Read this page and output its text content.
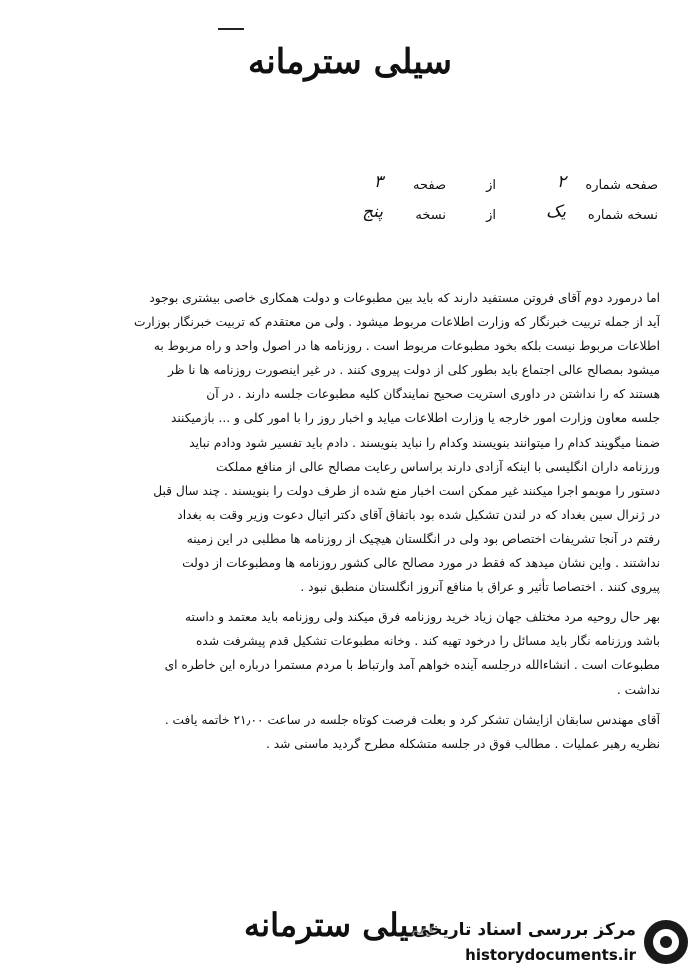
سیلی سترمانه
صفحه شماره
۲
از
صفحه
۳
نسخه شماره
یک
از
نسخه
پنج
اما درمورد دوم آقای فروتن مستفید دارند که باید بین مطبوعات و دولت همکاری خاصی بیشتری بوجود
آید از جمله تربیت خبرنگار که وزارت اطلاعات مربوط میشود . ولی من معتقدم که تربیت خبرنگار بوزارت
اطلاعات مربوط نیست بلکه بخود مطبوعات مربوط است . روزنامه ها در اصول واحد و راه مربوط به
میشود بمصالح عالی اجتماع باید بطور کلی از دولت پیروی کنند . در غیر اینصورت روزنامه ها نا ظر
هستند که را نداشتن در داوری استریت صحیح نمایندگان کلیه مطبوعات جلسه دارند . در آن
جلسه معاون وزارت امور خارجه یا وزارت اطلاعات میاید و اخبار روز را با امور کلی و ... بازمیکنند
ضمنا میگویند کدام را میتوانند بنویسند وکدام را نباید بنویسند . دادم باید تفسیر شود ودادم نباید
ورزنامه داران انگلیسی با اینکه آزادی دارند براساس رعایت مصالح عالی از منافع مملکت
دستور را موبمو اجرا میکنند غیر ممکن است اخبار منع شده از طرف دولت را بنویسند . چند سال قبل
در ژنرال سین بغداد که در لندن تشکیل شده بود باتفاق آقای دکتر اتیال دعوت وزیر وقت به بغداد
رفتم در آنجا تشریفات اختصاص بود ولی در انگلستان هیچیک از روزنامه ها مطلبی در این زمینه
نداشتند . واین نشان میدهد که فقط در مورد مصالح عالی کشور روزنامه ها ومطبوعات از دولت
پیروی کنند . اختصاصا تأثیر و عراق با منافع آنروز انگلستان منطبق نبود .
بهر حال روحیه مرد مختلف جهان زیاد خرید روزنامه فرق میکند ولی روزنامه باید معتمد و داسته
باشد ورزنامه نگار باید مسائل را درخود تهیه کند . وخانه مطبوعات تشکیل قدم پیشرفت شده
مطبوعات است . انشاءالله درجلسه آینده خواهم آمد وارتباط با مردم مستمرا درباره این خاطره ای
نداشت .
آقای مهندس سابقان ازایشان تشکر کرد و بعلت فرصت کوتاه جلسه در ساعت ۲۱٫۰۰ خاتمه یافت .
نظریه رهبر عملیات . مطالب فوق در جلسه متشکله مطرح گردید ماسنی شد .
سیلی سترمانه
مرکز بررسی اسناد تاریخی
historydocuments.ir
